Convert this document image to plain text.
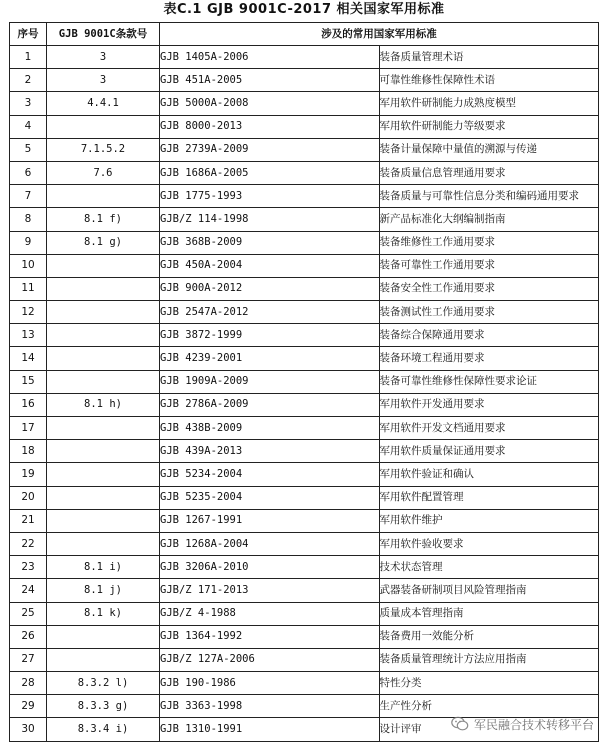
表C.1 GJB 9001C-2017 相关国家军用标准
序号	GJB 9001C条款号	涉及的常用国家军用标准	
1	3	GJB 1405A-2006	装备质量管理术语
2	3	GJB 451A-2005	可靠性维修性保障性术语
3	4.4.1	GJB 5000A-2008	军用软件研制能力成熟度模型
4		GJB 8000-2013	军用软件研制能力等级要求
5	7.1.5.2	GJB 2739A-2009	装备计量保障中量值的溯源与传递
6	7.6	GJB 1686A-2005	装备质量信息管理通用要求
7		GJB 1775-1993	装备质量与可靠性信息分类和编码通用要求
8	8.1 f)	GJB/Z 114-1998	新产品标准化大纲编制指南
9	8.1 g)	GJB 368B-2009	装备维修性工作通用要求
10		GJB 450A-2004	装备可靠性工作通用要求
11		GJB 900A-2012	装备安全性工作通用要求
12		GJB 2547A-2012	装备测试性工作通用要求
13		GJB 3872-1999	装备综合保障通用要求
14		GJB 4239-2001	装备环境工程通用要求
15		GJB 1909A-2009	装备可靠性维修性保障性要求论证
16	8.1 h)	GJB 2786A-2009	军用软件开发通用要求
17		GJB 438B-2009	军用软件开发文档通用要求
18		GJB 439A-2013	军用软件质量保证通用要求
19		GJB 5234-2004	军用软件验证和确认
20		GJB 5235-2004	军用软件配置管理
21		GJB 1267-1991	军用软件维护
22		GJB 1268A-2004	军用软件验收要求
23	8.1 i)	GJB 3206A-2010	技术状态管理
24	8.1 j)	GJB/Z 171-2013	武器装备研制项目风险管理指南
25	8.1 k)	GJB/Z 4-1988	质量成本管理指南
26		GJB 1364-1992	装备费用一效能分析
27		GJB/Z 127A-2006	装备质量管理统计方法应用指南
28	8.3.2 l)	GJB 190-1986	特性分类
29	8.3.3 g)	GJB 3363-1998	生产性分析
30	8.3.4 i)	GJB 1310-1991	设计评审	军民融合技术转移平台
